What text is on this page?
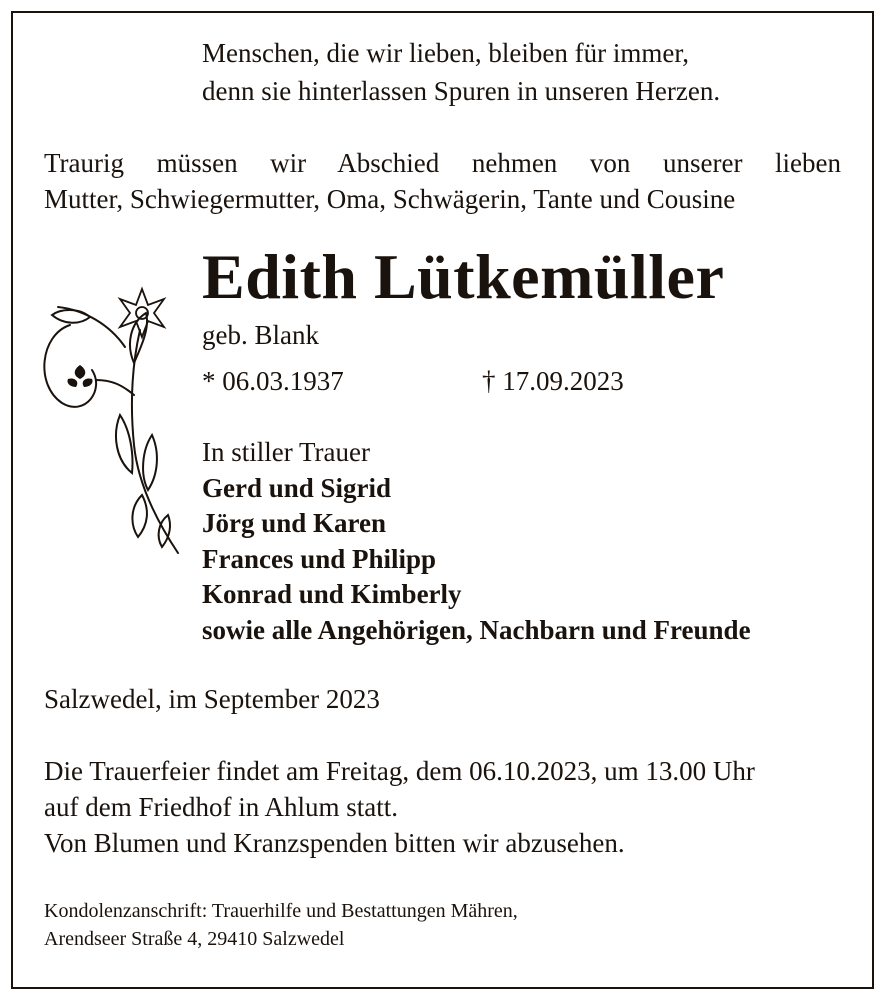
Menschen, die wir lieben, bleiben für immer,
denn sie hinterlassen Spuren in unseren Herzen.
Traurig müssen wir Abschied nehmen von unserer lieben
Mutter, Schwiegermutter, Oma, Schwägerin, Tante und Cousine
Edith Lütkemüller
geb. Blank
* 06.03.1937	† 17.09.2023
In stiller Trauer
Gerd und Sigrid
Jörg und Karen
Frances und Philipp
Konrad und Kimberly
sowie alle Angehörigen, Nachbarn und Freunde
Salzwedel, im September 2023
Die Trauerfeier findet am Freitag, dem 06.10.2023, um 13.00 Uhr
auf dem Friedhof in Ahlum statt.
Von Blumen und Kranzspenden bitten wir abzusehen.
Kondolenzanschrift: Trauerhilfe und Bestattungen Mähren,
Arendseer Straße 4, 29410 Salzwedel
